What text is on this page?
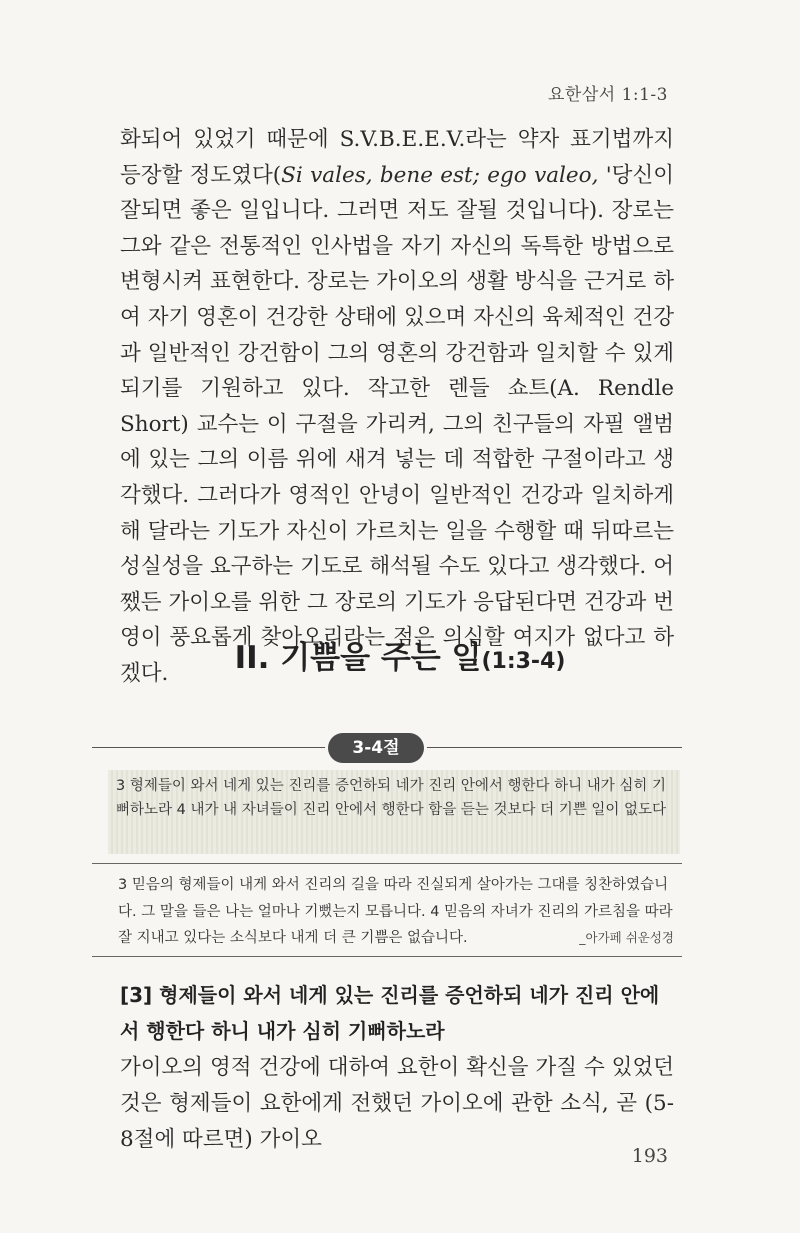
요한삼서 1:1-3

화되어 있었기 때문에 S.V.B.E.E.V.라는 약자 표기법까지 등장할 정도였다(Si vales, bene est; ego valeo, '당신이 잘되면 좋은 일입니다. 그러면 저도 잘될 것입니다). 장로는 그와 같은 전통적인 인사법을 자기 자신의 독특한 방법으로 변형시켜 표현한다. 장로는 가이오의 생활 방식을 근거로 하여 자기 영혼이 건강한 상태에 있으며 자신의 육체적인 건강과 일반적인 강건함이 그의 영혼의 강건함과 일치할 수 있게 되기를 기원하고 있다. 작고한 렌들 쇼트(A. Rendle Short) 교수는 이 구절을 가리켜, 그의 친구들의 자필 앨범에 있는 그의 이름 위에 새겨 넣는 데 적합한 구절이라고 생각했다. 그러다가 영적인 안녕이 일반적인 건강과 일치하게 해 달라는 기도가 자신이 가르치는 일을 수행할 때 뒤따르는 성실성을 요구하는 기도로 해석될 수도 있다고 생각했다. 어쨌든 가이오를 위한 그 장로의 기도가 응답된다면 건강과 번영이 풍요롭게 찾아오리라는 점은 의심할 여지가 없다고 하겠다.	II. 기쁨을 주는 일(1:3-4)
3-4절
3 형제들이 와서 네게 있는 진리를 증언하되 네가 진리 안에서 행한다 하니 내가 심히 기뻐하노라 4 내가 내 자녀들이 진리 안에서 행한다 함을 듣는 것보다 더 기쁜 일이 없도다
3 믿음의 형제들이 내게 와서 진리의 길을 따라 진실되게 살아가는 그대를 칭찬하였습니다. 그 말을 들은 나는 얼마나 기뻤는지 모릅니다. 4 믿음의 자녀가 진리의 가르침을 따라 잘 지내고 있다는 소식보다 내게 더 큰 기쁨은 없습니다.	_아가페 쉬운성경

[3] 형제들이 와서 네게 있는 진리를 증언하되 네가 진리 안에서 행한다 하니 내가 심히 기뻐하노라

가이오의 영적 건강에 대하여 요한이 확신을 가질 수 있었던 것은 형제들이 요한에게 전했던 가이오에 관한 소식, 곧 (5-8절에 따르면) 가이오

193
